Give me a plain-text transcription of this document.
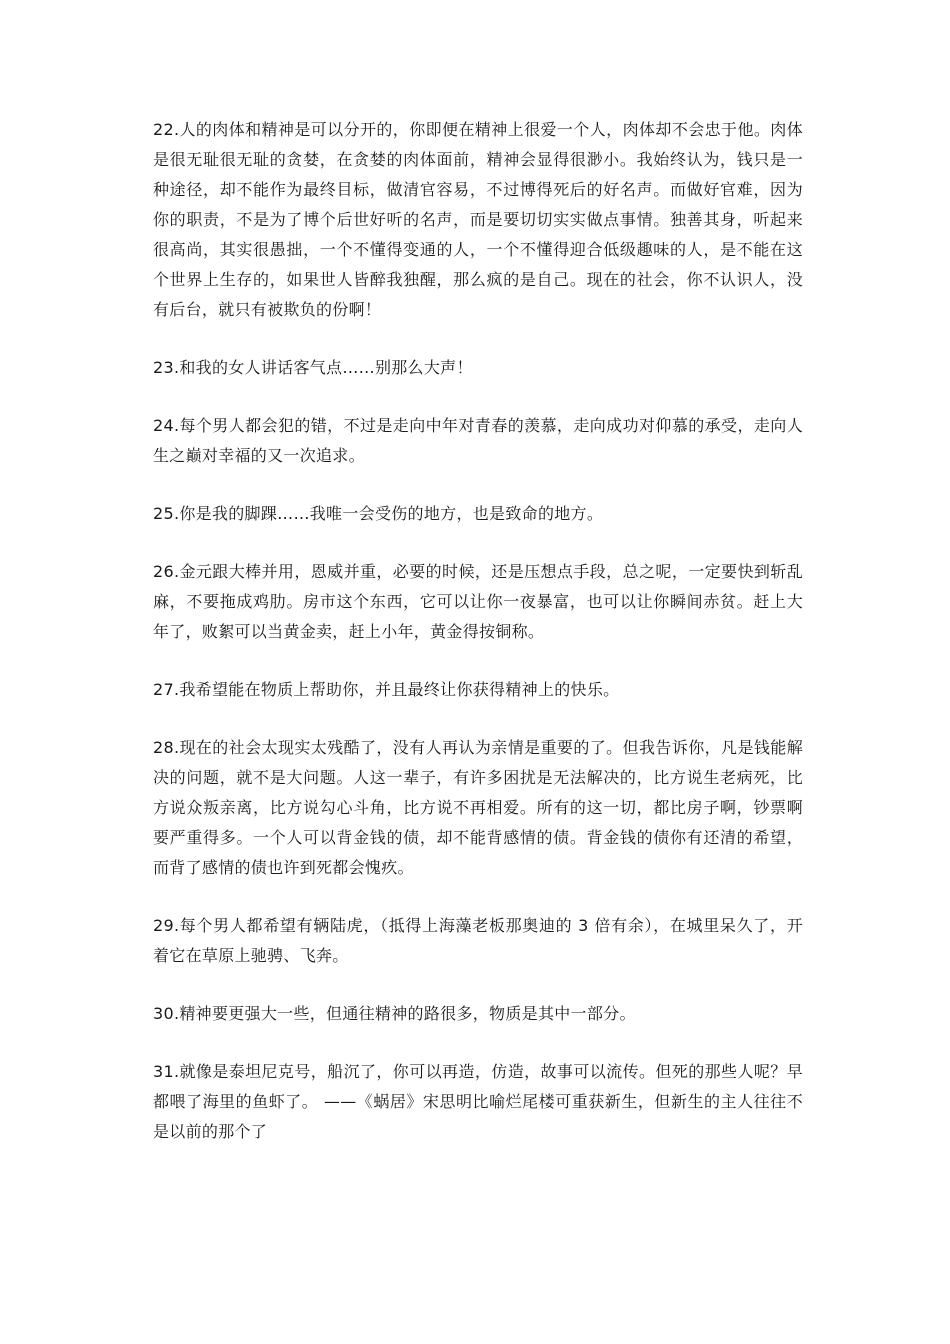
22.人的肉体和精神是可以分开的，你即便在精神上很爱一个人，肉体却不会忠于他。肉体是很无耻很无耻的贪婪，在贪婪的肉体面前，精神会显得很渺小。我始终认为，钱只是一种途径，却不能作为最终目标，做清官容易，不过博得死后的好名声。而做好官难，因为你的职责，不是为了博个后世好听的名声，而是要切切实实做点事情。独善其身，听起来很高尚，其实很愚拙，一个不懂得变通的人，一个不懂得迎合低级趣味的人，是不能在这个世界上生存的，如果世人皆醉我独醒，那么疯的是自己。现在的社会，你不认识人，没有后台，就只有被欺负的份啊！

23.和我的女人讲话客气点……别那么大声！

24.每个男人都会犯的错，不过是走向中年对青春的羡慕，走向成功对仰慕的承受，走向人生之巅对幸福的又一次追求。

25.你是我的脚踝……我唯一会受伤的地方，也是致命的地方。

26.金元跟大棒并用，恩威并重，必要的时候，还是压想点手段，总之呢，一定要快到斩乱麻，不要拖成鸡肋。房市这个东西，它可以让你一夜暴富，也可以让你瞬间赤贫。赶上大年了，败絮可以当黄金卖，赶上小年，黄金得按铜称。

27.我希望能在物质上帮助你，并且最终让你获得精神上的快乐。

28.现在的社会太现实太残酷了，没有人再认为亲情是重要的了。但我告诉你，凡是钱能解决的问题，就不是大问题。人这一辈子，有许多困扰是无法解决的，比方说生老病死，比方说众叛亲离，比方说勾心斗角，比方说不再相爱。所有的这一切，都比房子啊，钞票啊要严重得多。一个人可以背金钱的债，却不能背感情的债。背金钱的债你有还清的希望，而背了感情的债也许到死都会愧疚。

29.每个男人都希望有辆陆虎，（抵得上海藻老板那奥迪的 3 倍有余），在城里呆久了，开着它在草原上驰骋、飞奔。

30.精神要更强大一些，但通往精神的路很多，物质是其中一部分。

31.就像是泰坦尼克号，船沉了，你可以再造，仿造，故事可以流传。但死的那些人呢？早都喂了海里的鱼虾了。 ——《蜗居》宋思明比喻烂尾楼可重获新生，但新生的主人往往不是以前的那个了
